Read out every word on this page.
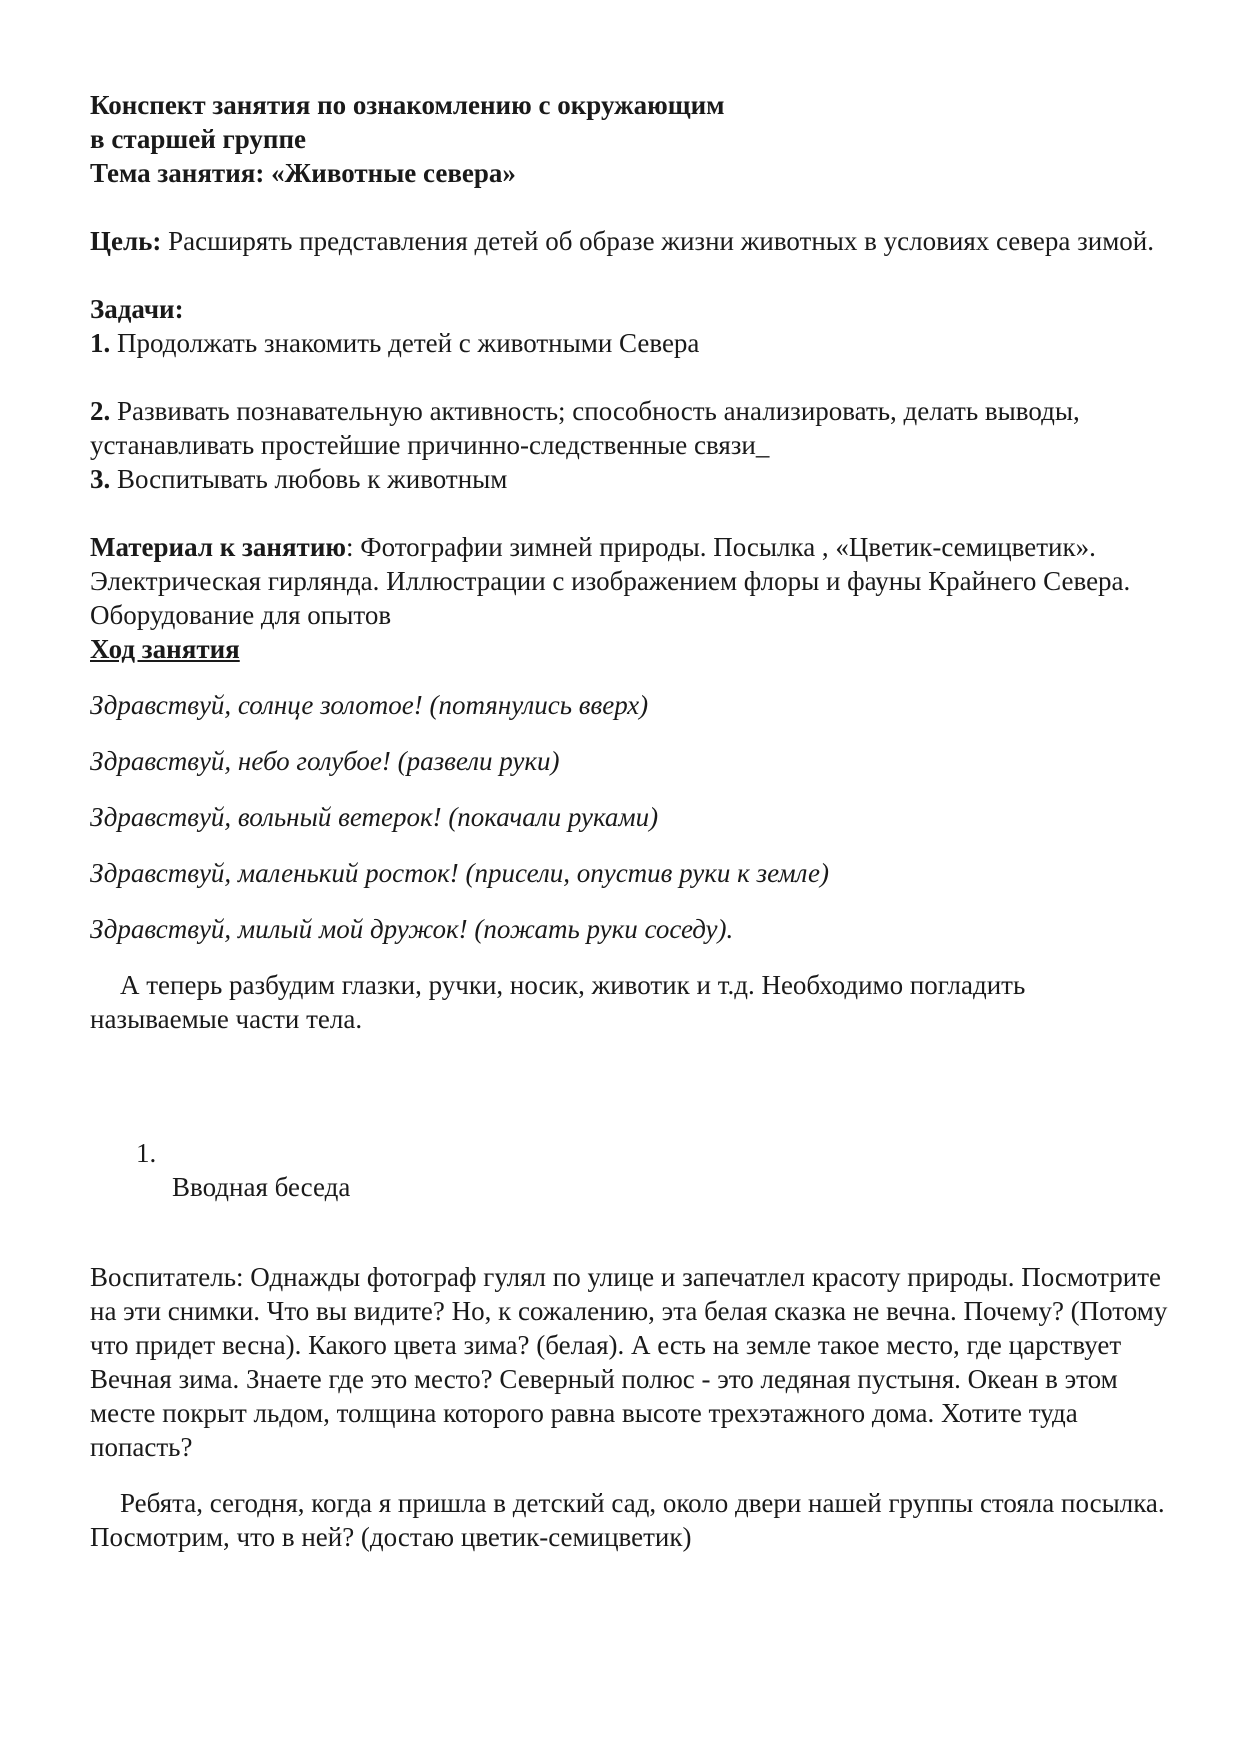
Конспект занятия по ознакомлению с окружающим
в старшей группе
Тема занятия: «Животные севера»
Цель: Расширять представления детей об образе жизни животных в условиях севера зимой.
Задачи:
1. Продолжать знакомить детей с животными Севера
2. Развивать познавательную активность; способность анализировать, делать выводы, устанавливать простейшие причинно-следственные связи_
3. Воспитывать любовь к животным
Материал к занятию: Фотографии зимней природы. Посылка , «Цветик-семицветик». Электрическая гирлянда. Иллюстрации с изображением флоры и фауны Крайнего Севера. Оборудование для опытов
Ход занятия
Здравствуй, солнце золотое! (потянулись вверх)
Здравствуй, небо голубое! (развели руки)
Здравствуй, вольный ветерок! (покачали руками)
Здравствуй, маленький росток! (присели, опустив руки к земле)
Здравствуй, милый мой дружок! (пожать руки соседу).
А теперь разбудим глазки, ручки, носик, животик и т.д. Необходимо погладить называемые части тела.
1.
Вводная беседа
Воспитатель: Однажды фотограф гулял по улице и запечатлел красоту природы. Посмотрите на эти снимки. Что вы видите? Но, к сожалению, эта белая сказка не вечна. Почему? (Потому что придет весна). Какого цвета зима? (белая). А есть на земле такое место, где царствует Вечная зима. Знаете где это место? Северный полюс - это ледяная пустыня. Океан в этом месте покрыт льдом, толщина которого равна высоте трехэтажного дома. Хотите туда попасть?
Ребята, сегодня, когда я пришла в детский сад, около двери нашей группы стояла посылка. Посмотрим, что в ней? (достаю цветик-семицветик)
